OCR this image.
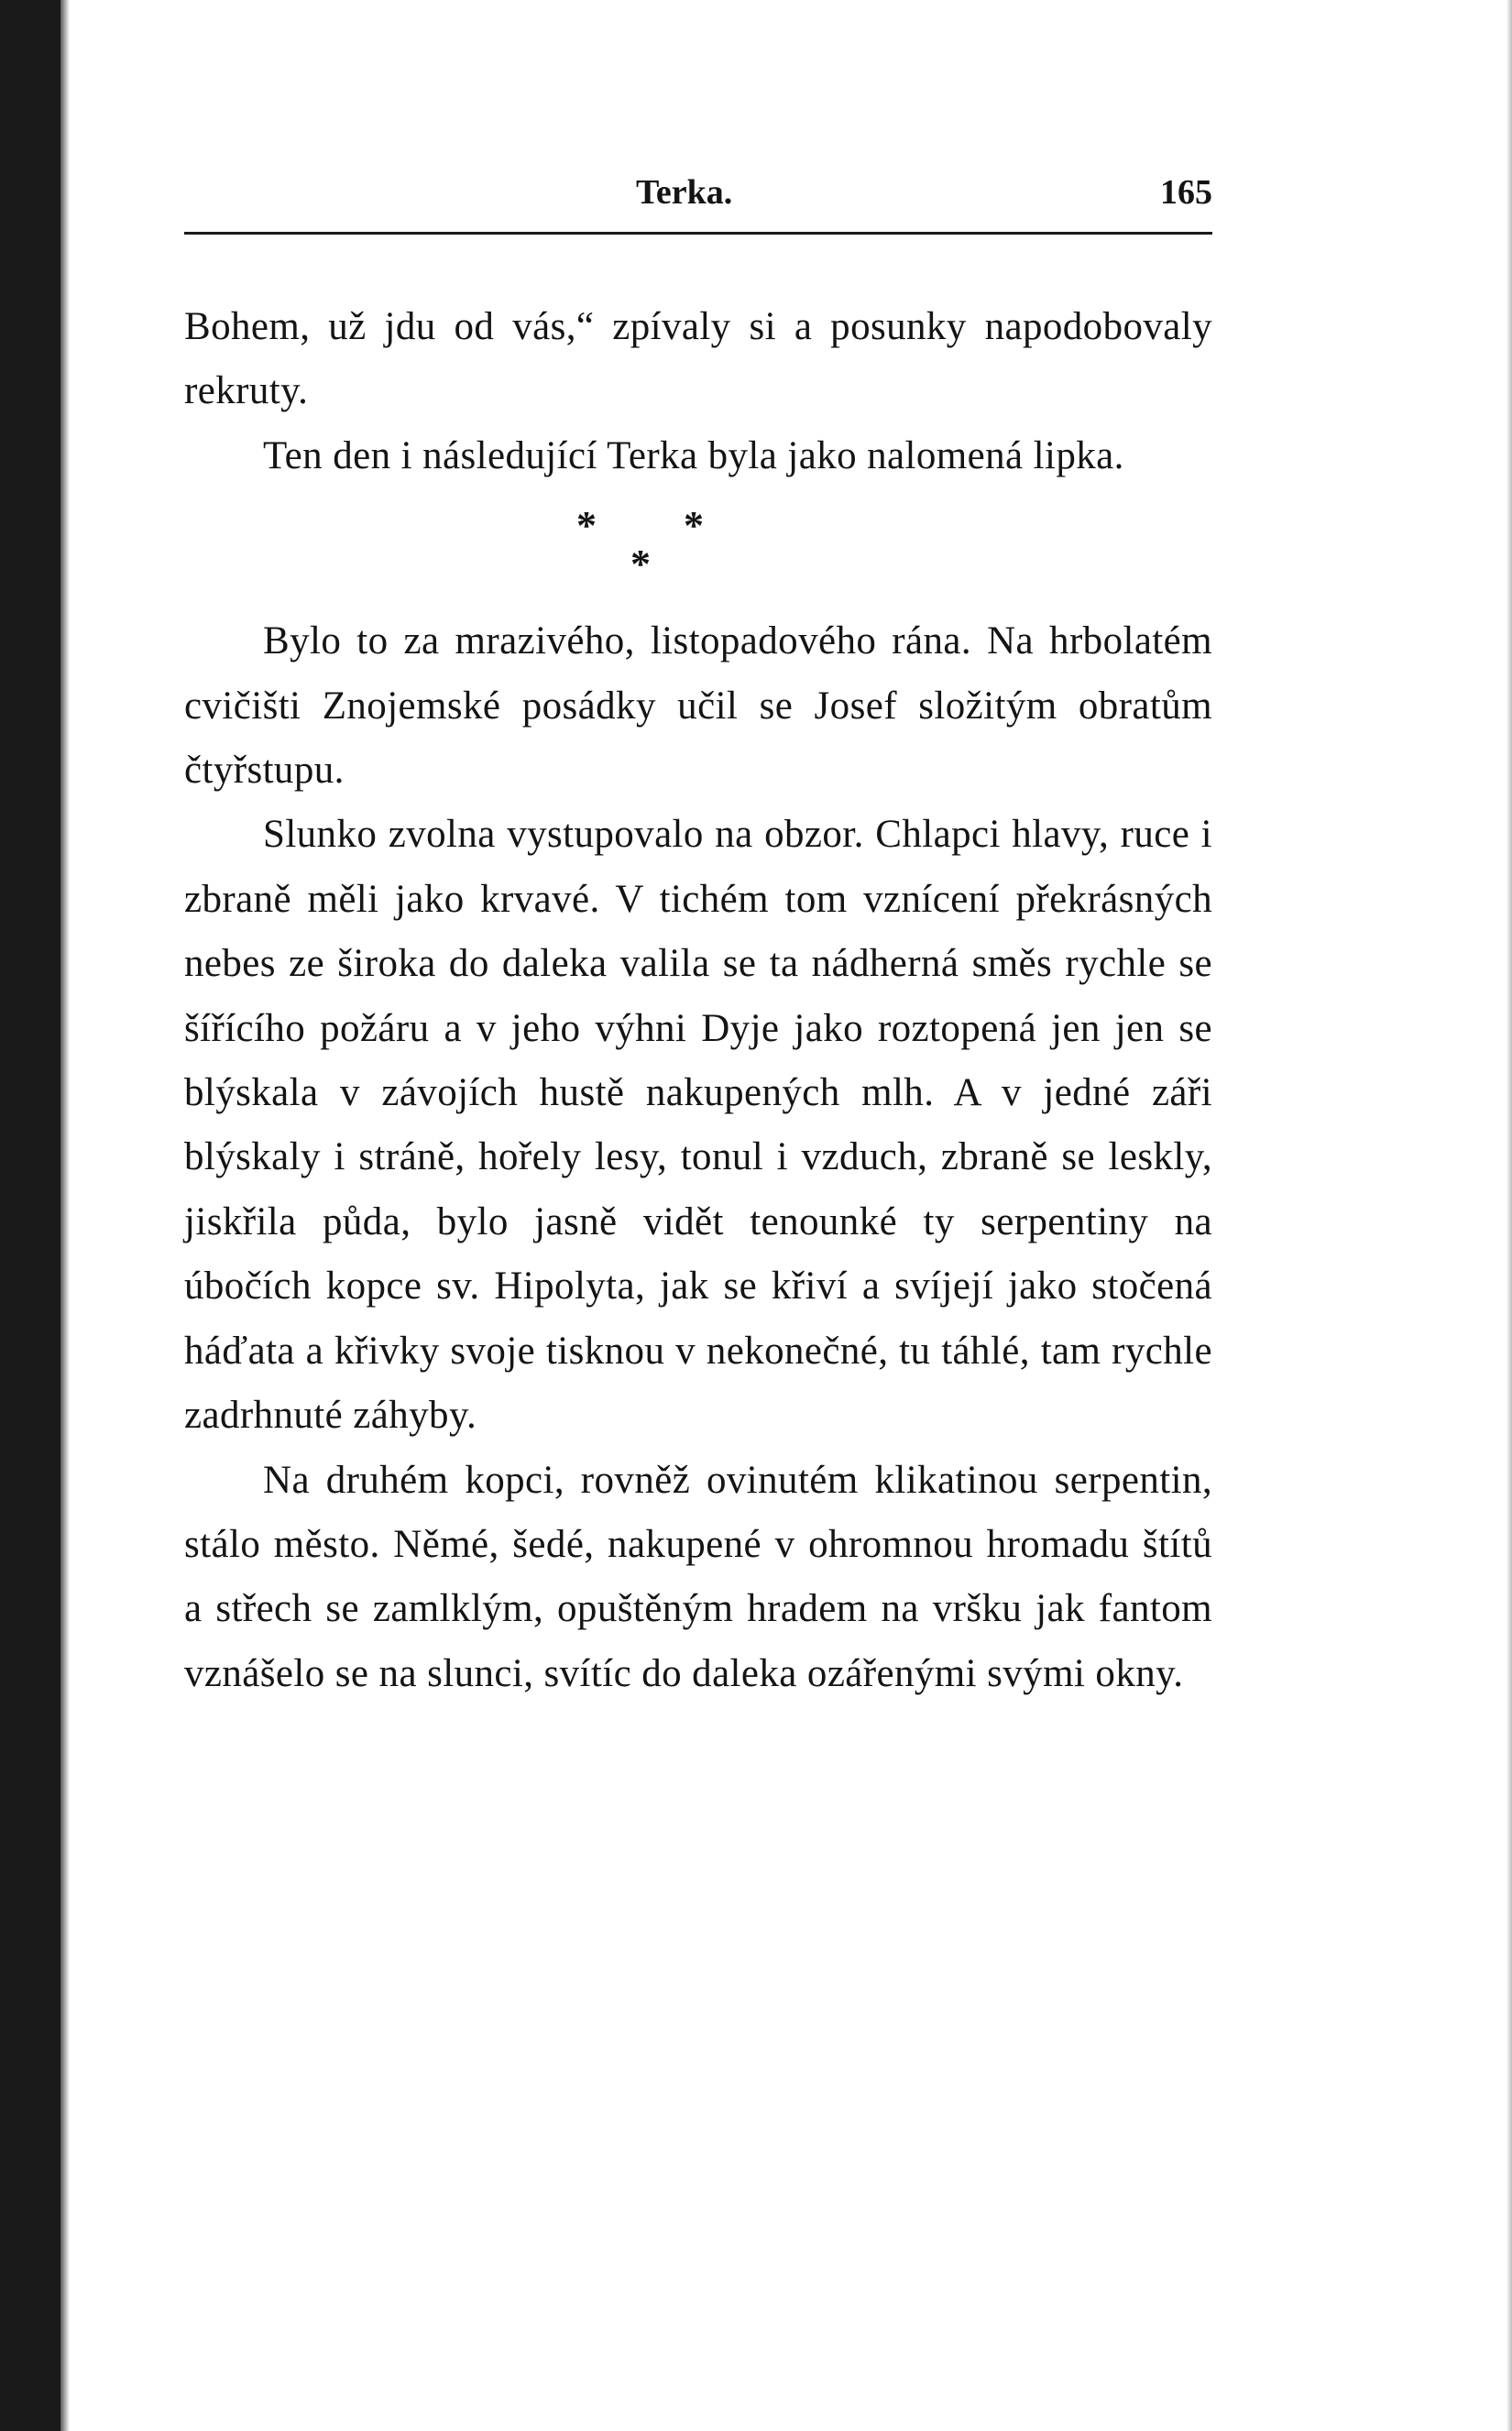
Terka.	165

Bohem, už jdu od vás,“ zpívaly si a posunky napodobovaly rekruty.

Ten den i následující Terka byla jako nalomená lipka.

* *
*

Bylo to za mrazivého, listopadového rána. Na hrbolatém cvičišti Znojemské posádky učil se Josef složitým obratům čtyřstupu.

Slunko zvolna vystupovalo na obzor. Chlapci hlavy, ruce i zbraně měli jako krvavé. V tichém tom vznícení překrásných nebes ze široka do daleka valila se ta nádherná směs rychle se šířícího požáru a v jeho výhni Dyje jako roztopená jen jen se blýskala v závojích hustě nakupených mlh. A v jedné záři blýskaly i stráně, hořely lesy, tonul i vzduch, zbraně se leskly, jiskřila půda, bylo jasně vidět tenounké ty serpentiny na úbočích kopce sv. Hipolyta, jak se křiví a svíjejí jako stočená háďata a křivky svoje tisknou v nekonečné, tu táhlé, tam rychle zadrhnuté záhyby.

Na druhém kopci, rovněž ovinutém klikatinou serpentin, stálo město. Němé, šedé, nakupené v ohromnou hromadu štítů a střech se zamlklým, opuštěným hradem na vršku jak fantom vznášelo se na slunci, svítíc do daleka ozářenými svými okny.
